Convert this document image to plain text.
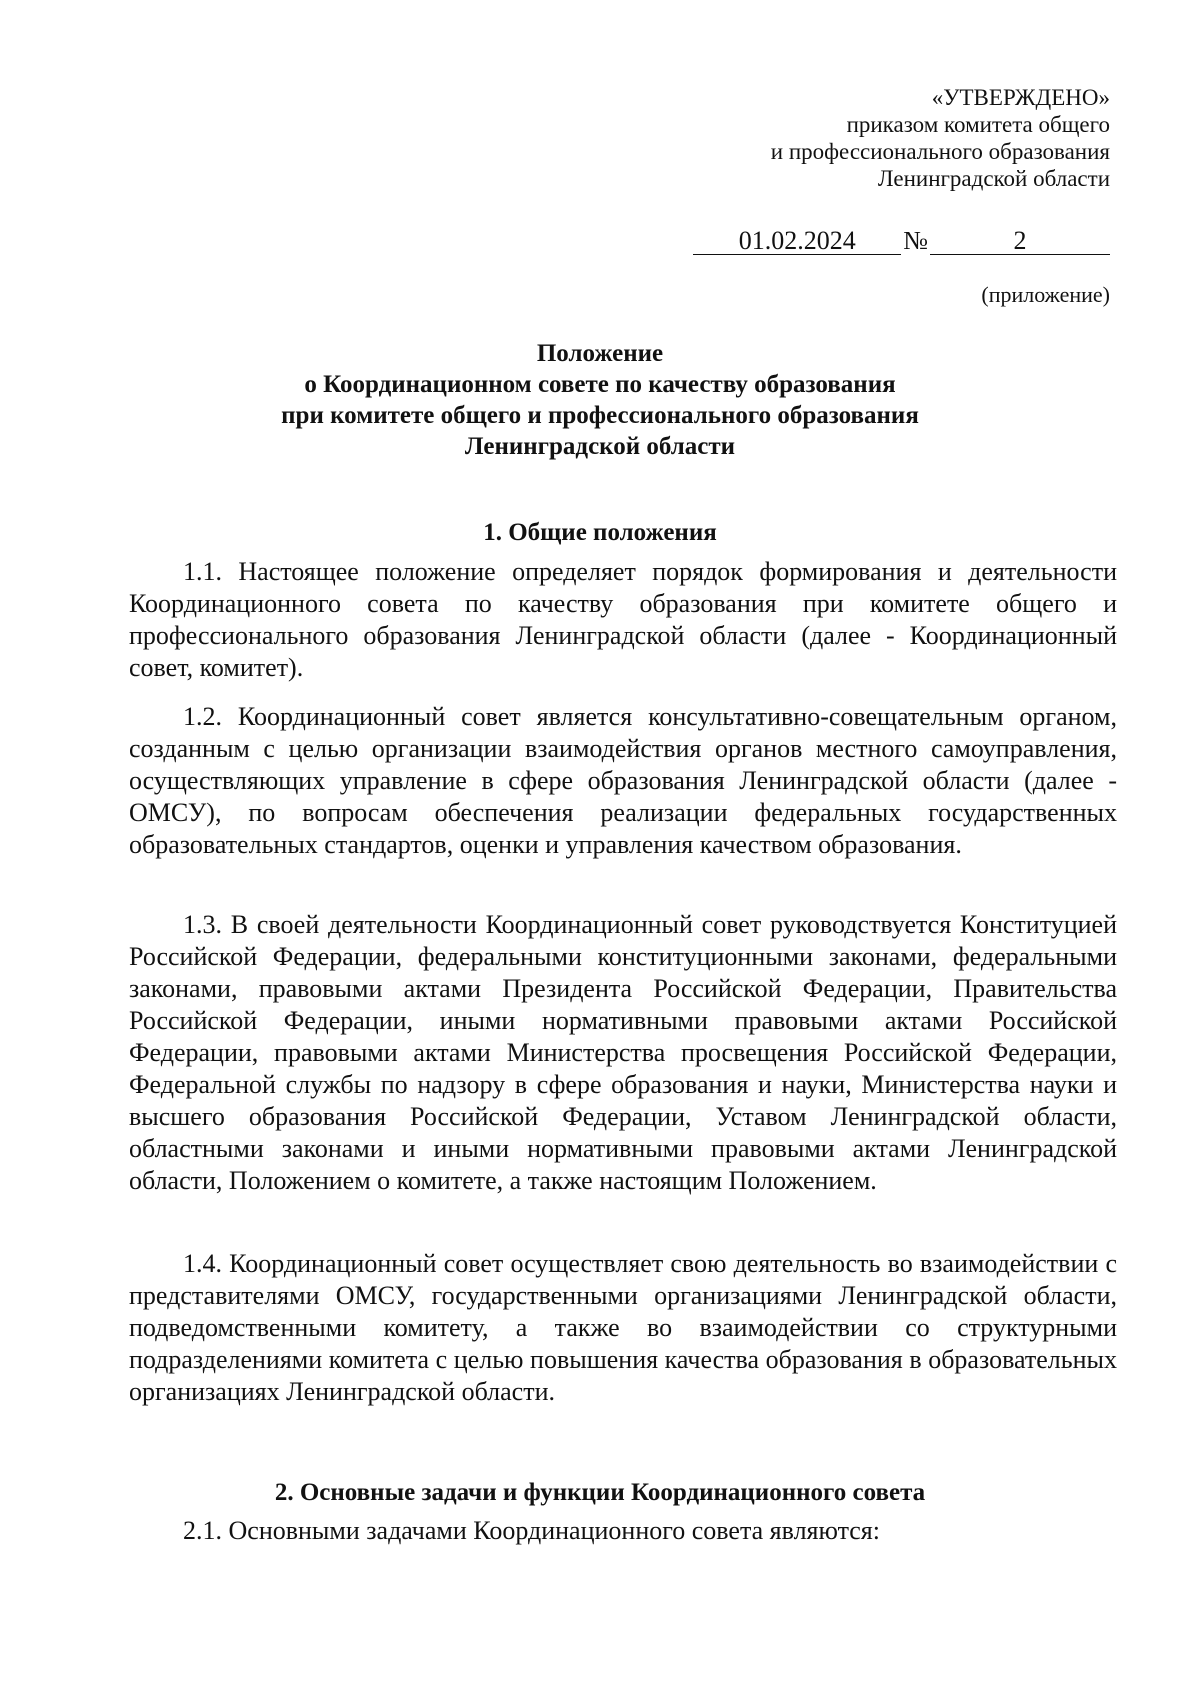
«УТВЕРЖДЕНО»
приказом комитета общего
и профессионального образования
Ленинградской области
01.02.2024 №	2
(приложение)
Положение
о Координационном совете по качеству образования
при комитете общего и профессионального образования
Ленинградской области
1. Общие положения
1.1. Настоящее положение определяет порядок формирования и деятельности Координационного совета по качеству образования при комитете общего и профессионального образования Ленинградской области (далее - Координационный совет, комитет).
1.2. Координационный совет является консультативно-совещательным органом, созданным с целью организации взаимодействия органов местного самоуправления, осуществляющих управление в сфере образования Ленинградской области (далее - ОМСУ), по вопросам обеспечения реализации федеральных государственных образовательных стандартов, оценки и управления качеством образования.
1.3. В своей деятельности Координационный совет руководствуется Конституцией Российской Федерации, федеральными конституционными законами, федеральными законами, правовыми актами Президента Российской Федерации, Правительства Российской Федерации, иными нормативными правовыми актами Российской Федерации, правовыми актами Министерства просвещения Российской Федерации, Федеральной службы по надзору в сфере образования и науки, Министерства науки и высшего образования Российской Федерации, Уставом Ленинградской области, областными законами и иными нормативными правовыми актами Ленинградской области, Положением о комитете, а также настоящим Положением.
1.4. Координационный совет осуществляет свою деятельность во взаимодействии с представителями ОМСУ, государственными организациями Ленинградской области, подведомственными комитету, а также во взаимодействии со структурными подразделениями комитета с целью повышения качества образования в образовательных организациях Ленинградской области.
2. Основные задачи и функции Координационного совета
2.1. Основными задачами Координационного совета являются:
